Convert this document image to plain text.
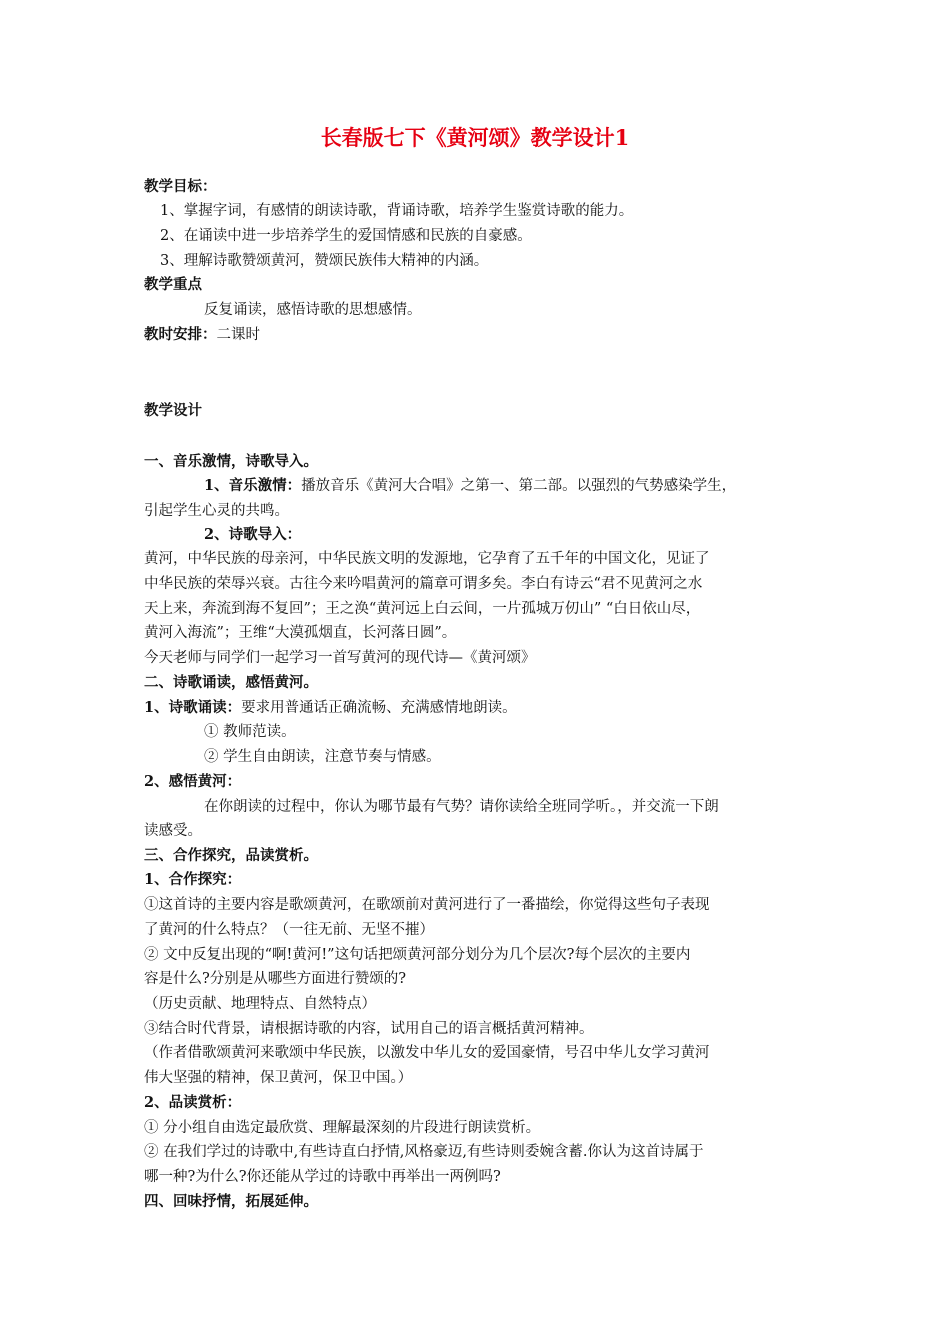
长春版七下《黄河颂》教学设计1
教学目标：
1、掌握字词，有感情的朗读诗歌，背诵诗歌，培养学生鉴赏诗歌的能力。
2、在诵读中进一步培养学生的爱国情感和民族的自豪感。
3、理解诗歌赞颂黄河，赞颂民族伟大精神的内涵。
教学重点
反复诵读，感悟诗歌的思想感情。
教时安排：二课时
教学设计
一、音乐激情，诗歌导入。
1、音乐激情：播放音乐《黄河大合唱》之第一、第二部。以强烈的气势感染学生，
引起学生心灵的共鸣。
2、诗歌导入：
黄河，中华民族的母亲河，中华民族文明的发源地，它孕育了五千年的中国文化，见证了
中华民族的荣辱兴衰。古往今来吟唱黄河的篇章可谓多矣。李白有诗云“君不见黄河之水
天上来，奔流到海不复回”；王之涣“黄河远上白云间，一片孤城万仞山” “白日依山尽，
黄河入海流”；王维“大漠孤烟直，长河落日圆”。
今天老师与同学们一起学习一首写黄河的现代诗—《黄河颂》
二、诗歌诵读，感悟黄河。
1、诗歌诵读：要求用普通话正确流畅、充满感情地朗读。
① 教师范读。
② 学生自由朗读，注意节奏与情感。
2、感悟黄河：
在你朗读的过程中，你认为哪节最有气势？请你读给全班同学听。，并交流一下朗
读感受。
三、合作探究，品读赏析。
1、合作探究：
①这首诗的主要内容是歌颂黄河，在歌颂前对黄河进行了一番描绘，你觉得这些句子表现
了黄河的什么特点？（一往无前、无坚不摧）
② 文中反复出现的“啊!黄河!”这句话把颂黄河部分划分为几个层次?每个层次的主要内
容是什么?分别是从哪些方面进行赞颂的?
（历史贡献、地理特点、自然特点）
③结合时代背景，请根据诗歌的内容，试用自己的语言概括黄河精神。
（作者借歌颂黄河来歌颂中华民族，以激发中华儿女的爱国豪情，号召中华儿女学习黄河
伟大坚强的精神，保卫黄河，保卫中国。）
2、品读赏析：
① 分小组自由选定最欣赏、理解最深刻的片段进行朗读赏析。
② 在我们学过的诗歌中,有些诗直白抒情,风格豪迈,有些诗则委婉含蓄.你认为这首诗属于
哪一种?为什么?你还能从学过的诗歌中再举出一两例吗?
四、回味抒情，拓展延伸。
